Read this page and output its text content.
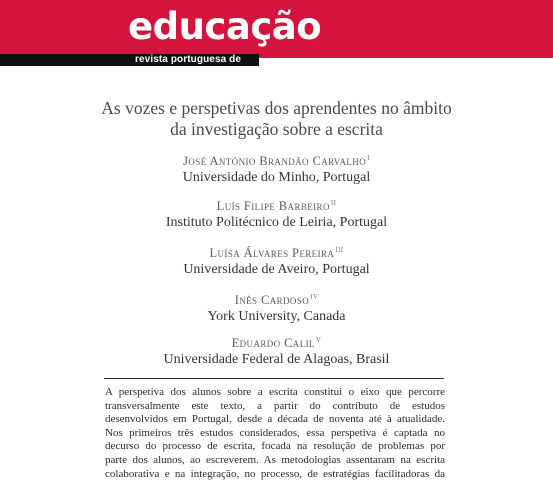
educação
revista portuguesa de
As vozes e perspetivas dos aprendentes no âmbito
da investigação sobre a escrita
José António Brandão Carvalho$^I$
Universidade do Minho, Portugal
Luís Filipe Barbeiro$^{II}$
Instituto Politécnico de Leiria, Portugal
Luísa Álvares Pereira$^{III}$
Universidade de Aveiro, Portugal
Inês Cardoso$^{IV}$
York University, Canada
Eduardo Calil$^V$
Universidade Federal de Alagoas, Brasil
A perspetiva dos alunos sobre a escrita constitui o eixo que percorre
transversalmente este texto, a partir do contributo de estudos
desenvolvidos em Portugal, desde a década de noventa até à atualidade.
Nos primeiros três estudos considerados, essa perspetiva é captada no
decurso do processo de escrita, focada na resolução de problemas por
parte dos alunos, ao escreverem. As metodologias assentaram na escrita
colaborativa e na integração, no processo, de estratégias facilitadoras da
